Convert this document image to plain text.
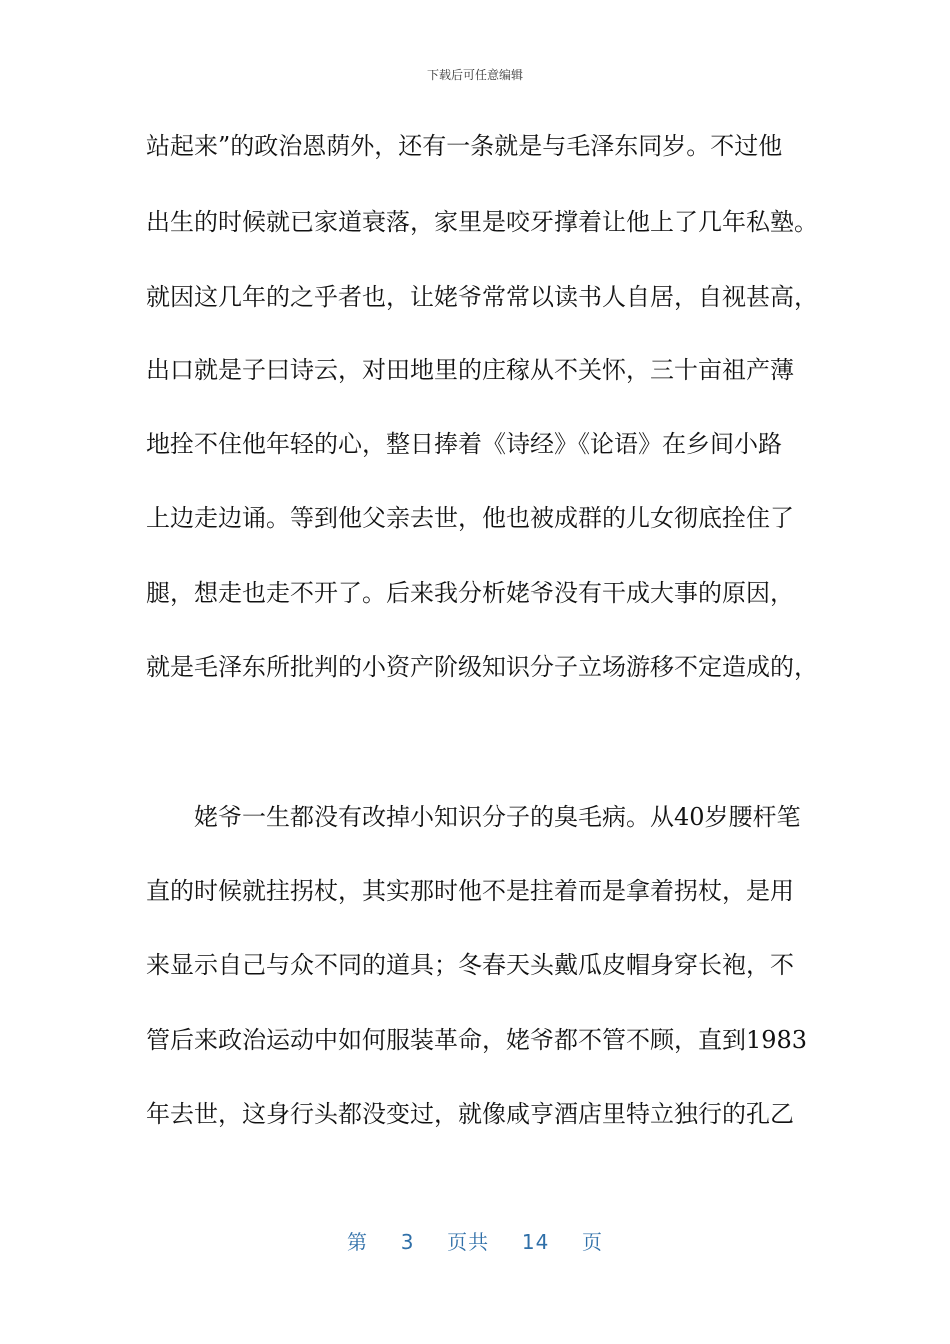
下载后可任意编辑
站起来”的政治恩荫外，还有一条就是与毛泽东同岁。不过他
出生的时候就已家道衰落，家里是咬牙撑着让他上了几年私塾。
就因这几年的之乎者也，让姥爷常常以读书人自居，自视甚高，
出口就是子曰诗云，对田地里的庄稼从不关怀，三十亩祖产薄
地拴不住他年轻的心，整日捧着《诗经》《论语》在乡间小路
上边走边诵。等到他父亲去世，他也被成群的儿女彻底拴住了
腿，想走也走不开了。后来我分析姥爷没有干成大事的原因，
就是毛泽东所批判的小资产阶级知识分子立场游移不定造成的，
姥爷一生都没有改掉小知识分子的臭毛病。从40岁腰杆笔
直的时候就拄拐杖，其实那时他不是拄着而是拿着拐杖，是用
来显示自己与众不同的道具；冬春天头戴瓜皮帽身穿长袍，不
管后来政治运动中如何服装革命，姥爷都不管不顾，直到1983
年去世，这身行头都没变过，就像咸亨酒店里特立独行的孔乙
第 3 页共 14 页
